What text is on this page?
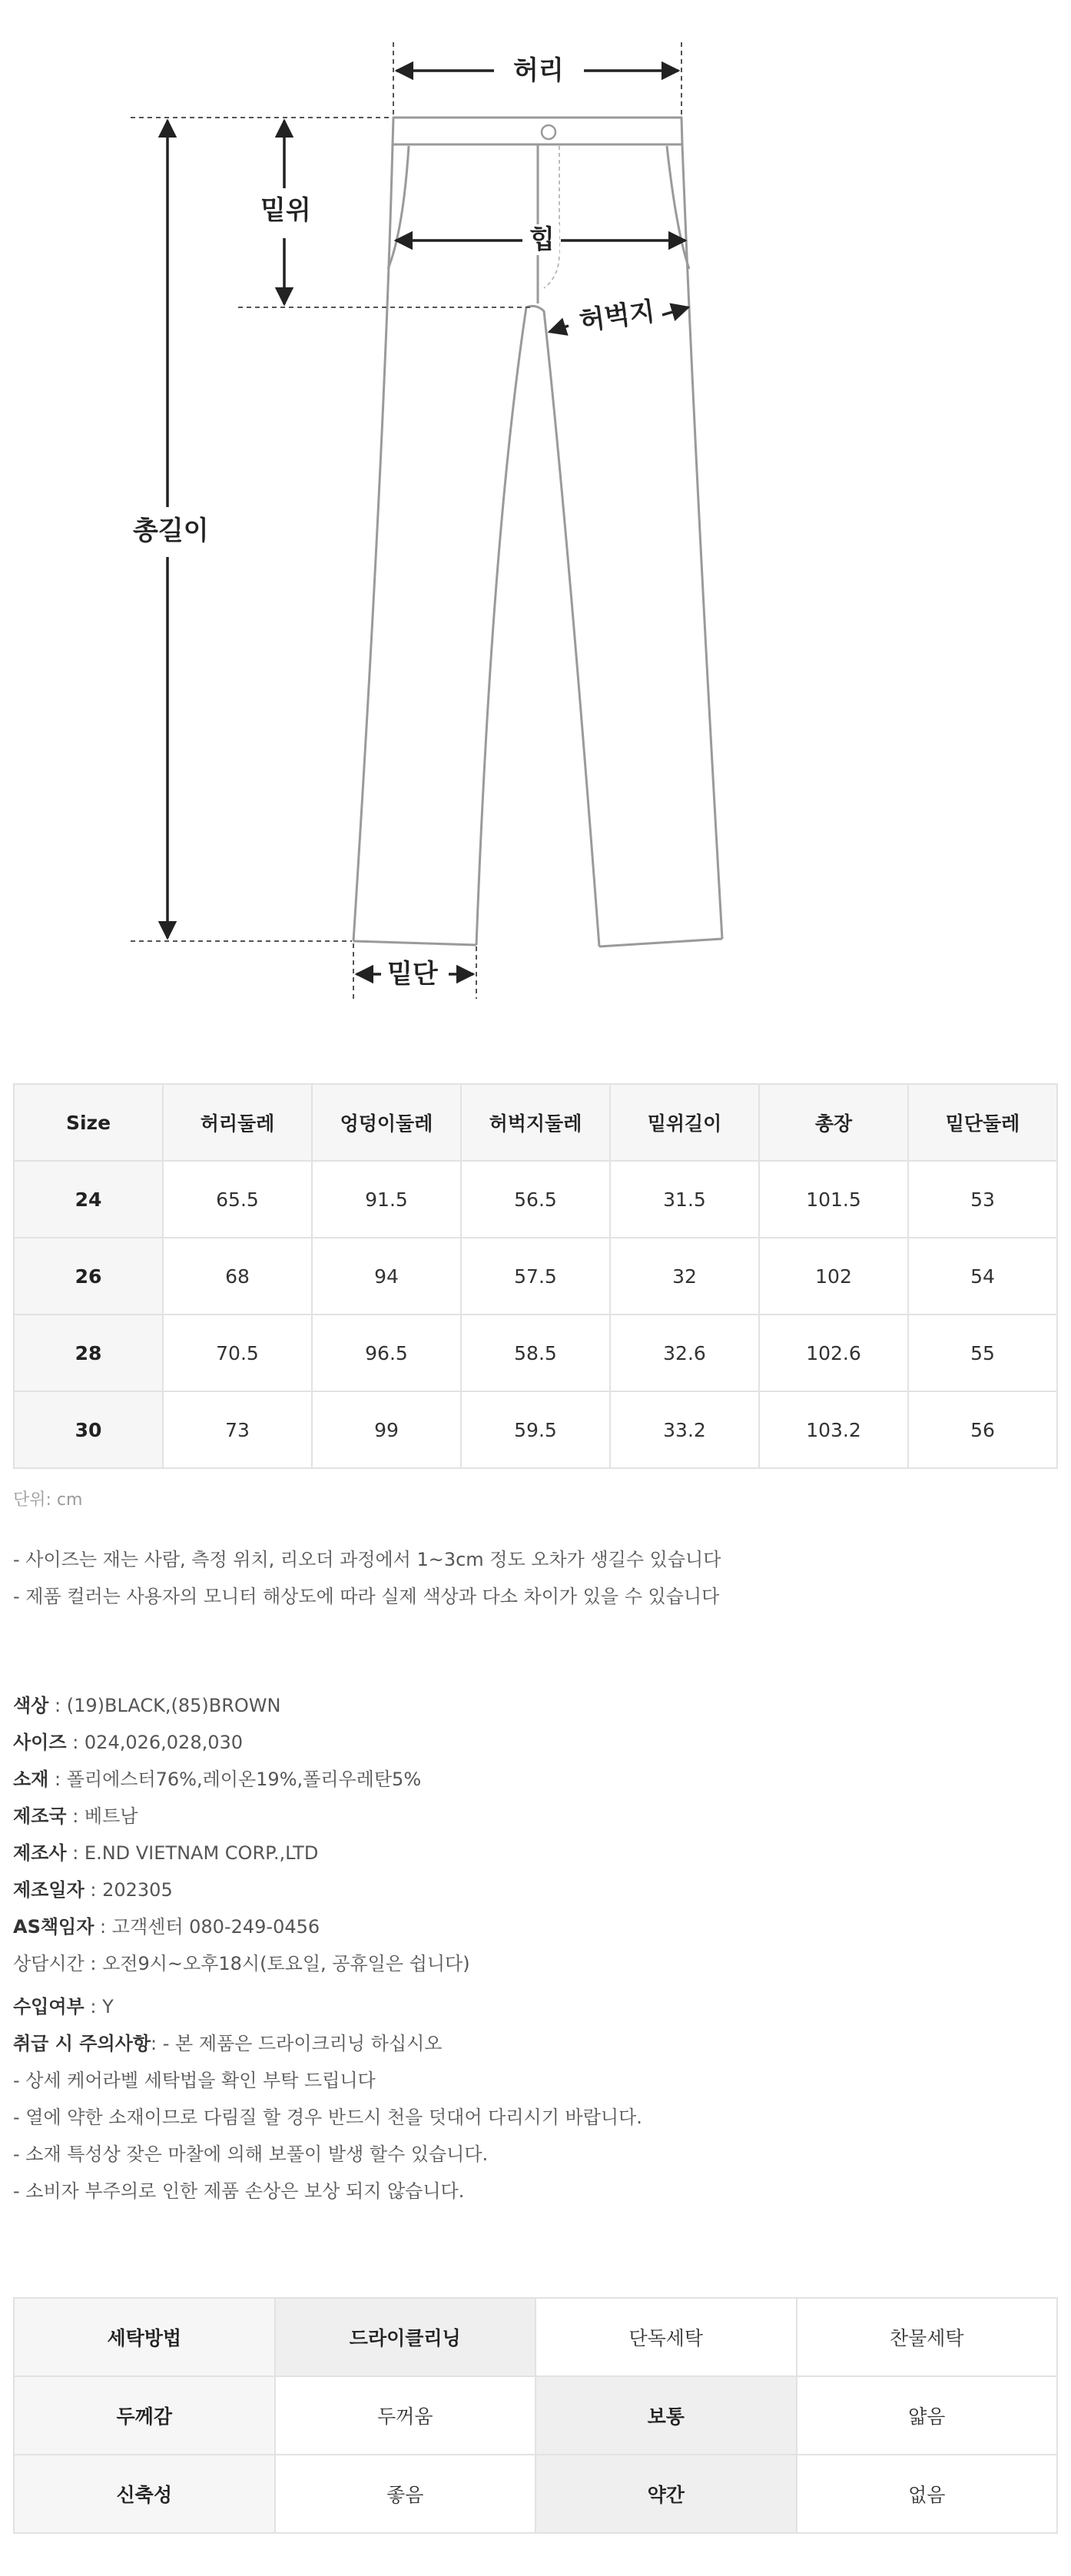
허리
밑위
힙
허벅지
총길이
밑단
Size	허리둘레	엉덩이둘레	허벅지둘레	밑위길이	총장	밑단둘레
24	65.5	91.5	56.5	31.5	101.5	53
26	68	94	57.5	32	102	54
28	70.5	96.5	58.5	32.6	102.6	55
30	73	99	59.5	33.2	103.2	56
단위: cm
- 사이즈는 재는 사람, 측정 위치, 리오더 과정에서 1~3cm 정도 오차가 생길수 있습니다
- 제품 컬러는 사용자의 모니터 해상도에 따라 실제 색상과 다소 차이가 있을 수 있습니다
색상 : (19)BLACK,(85)BROWN
사이즈 : 024,026,028,030
소재 : 폴리에스터76%,레이온19%,폴리우레탄5%
제조국 : 베트남
제조사 : E.ND VIETNAM CORP.,LTD
제조일자 : 202305
AS책임자 : 고객센터 080-249-0456
상담시간 : 오전9시~오후18시(토요일, 공휴일은 쉽니다)
수입여부 : Y
취급 시 주의사항: - 본 제품은 드라이크리닝 하십시오
- 상세 케어라벨 세탁법을 확인 부탁 드립니다
- 열에 약한 소재이므로 다림질 할 경우 반드시 천을 덧대어 다리시기 바랍니다.
- 소재 특성상 잦은 마찰에 의해 보풀이 발생 할수 있습니다.
- 소비자 부주의로 인한 제품 손상은 보상 되지 않습니다.
세탁방법	드라이클리닝	단독세탁	찬물세탁
두께감	두꺼움	보통	얇음
신축성	좋음	약간	없음
